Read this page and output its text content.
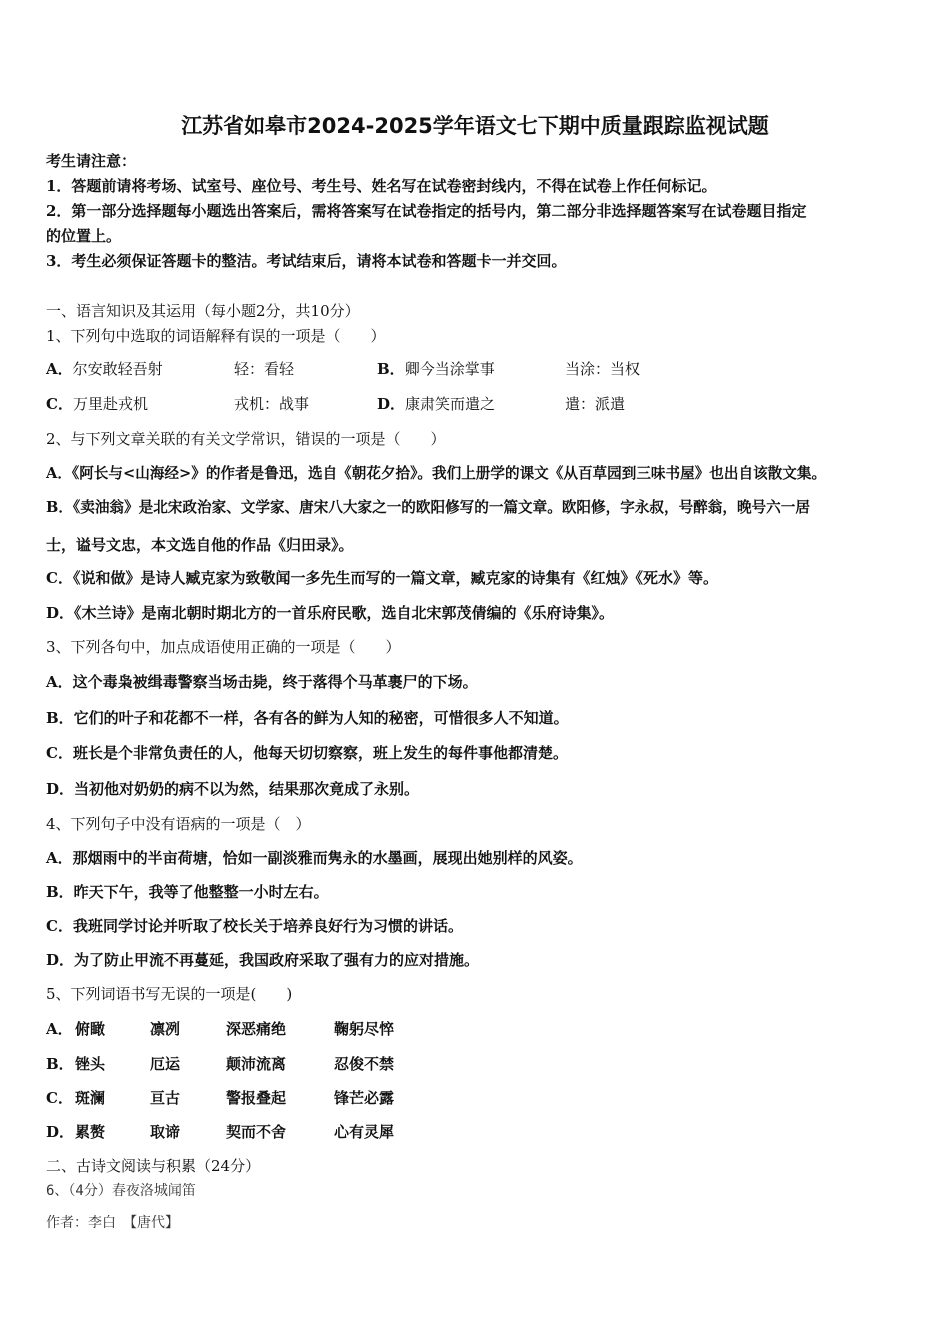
江苏省如皋市2024-2025学年语文七下期中质量跟踪监视试题
考生请注意：
1．答题前请将考场、试室号、座位号、考生号、姓名写在试卷密封线内，不得在试卷上作任何标记。
2．第一部分选择题每小题选出答案后，需将答案写在试卷指定的括号内，第二部分非选择题答案写在试卷题目指定
的位置上。
3．考生必须保证答题卡的整洁。考试结束后，请将本试卷和答题卡一并交回。
一、语言知识及其运用（每小题2分，共10分）
1、下列句中选取的词语解释有误的一项是（　　）
A．尔安敢轻吾射	轻：看轻	B．卿今当涂掌事	当涂：当权
C．万里赴戎机	戎机：战事	D．康肃笑而遣之	遣：派遣
2、与下列文章关联的有关文学常识，错误的一项是（　　）
A．《阿长与<山海经>》的作者是鲁迅，选自《朝花夕拾》。我们上册学的课文《从百草园到三味书屋》也出自该散文集。
B．《卖油翁》是北宋政治家、文学家、唐宋八大家之一的欧阳修写的一篇文章。欧阳修，字永叔，号醉翁，晚号六一居
士，谥号文忠，本文选自他的作品《归田录》。
C．《说和做》是诗人臧克家为致敬闻一多先生而写的一篇文章，臧克家的诗集有《红烛》《死水》等。
D．《木兰诗》是南北朝时期北方的一首乐府民歌，选自北宋郭茂倩编的《乐府诗集》。
3、下列各句中，加点成语使用正确的一项是（　　）
A．这个毒枭被缉毒警察当场击毙，终于落得个马革裹尸的下场。
B．它们的叶子和花都不一样，各有各的鲜为人知的秘密，可惜很多人不知道。
C．班长是个非常负责任的人，他每天切切察察，班上发生的每件事他都清楚。
D．当初他对奶奶的病不以为然，结果那次竟成了永别。
4、下列句子中没有语病的一项是（　）
A．那烟雨中的半亩荷塘，恰如一副淡雅而隽永的水墨画，展现出她别样的风姿。
B．昨天下午，我等了他整整一小时左右。
C．我班同学讨论并听取了校长关于培养良好行为习惯的讲话。
D．为了防止甲流不再蔓延，我国政府采取了强有力的应对措施。
5、下列词语书写无误的一项是(　　)
A． 俯瞰	凛冽	深恶痛绝	鞠躬尽悴
B． 锉头	厄运	颠沛流离	忍俊不禁
C． 斑澜	亘古	警报叠起	锋芒必露
D． 累赘	取谛	契而不舍	心有灵犀
二、古诗文阅读与积累（24分）
6、（4分）春夜洛城闻笛
作者：李白　【唐代】
